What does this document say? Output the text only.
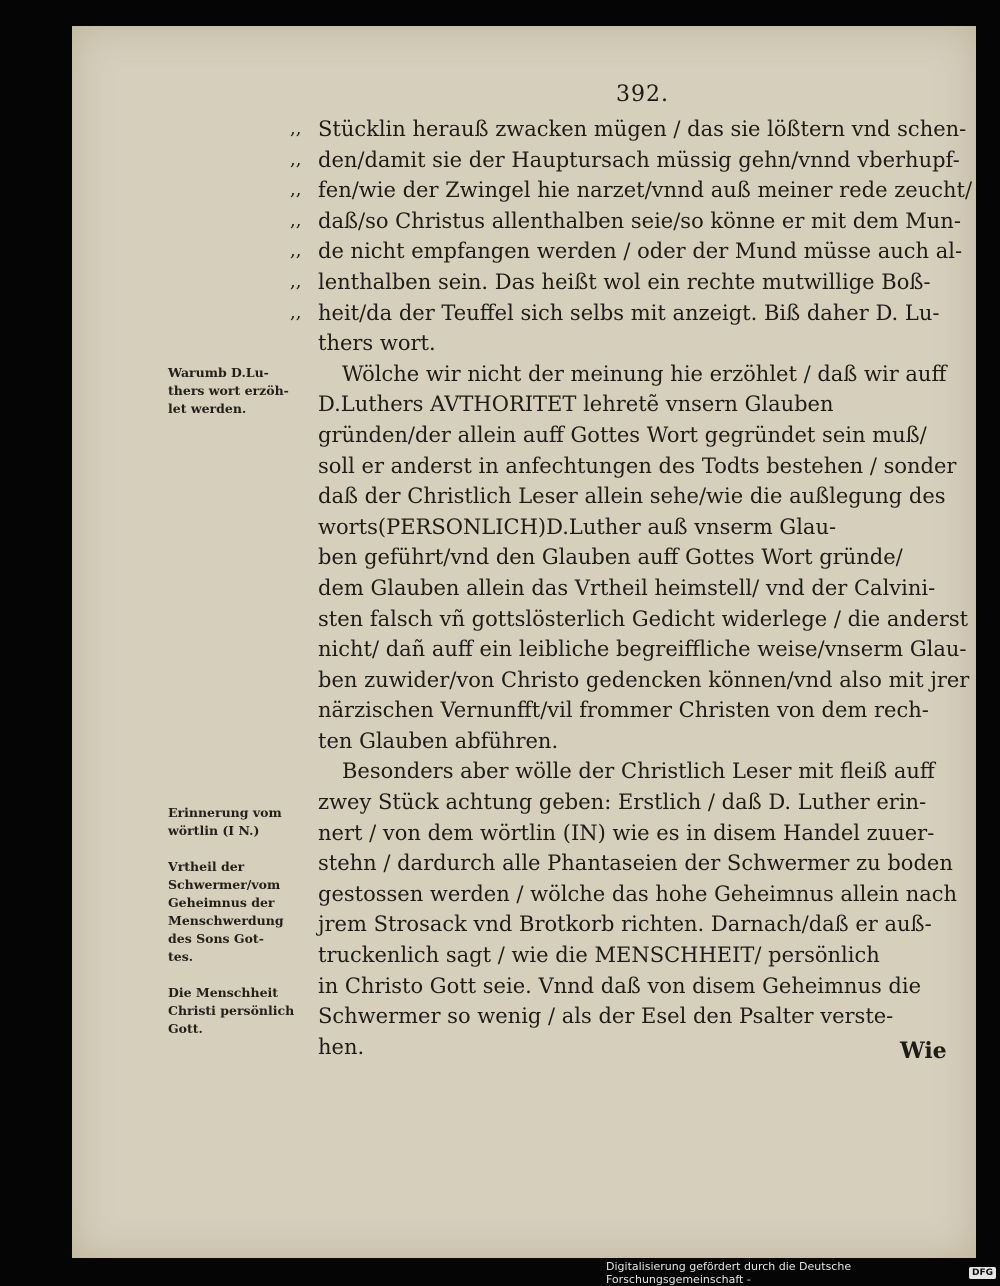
392.
,, Stücklin herauß zwacken mügen / das sie lößtern vnd schen-
,, den/damit sie der Hauptursach müssig gehn/vnnd vberhupf-
,, fen/wie der Zwingel hie narzet/vnnd auß meiner rede zeucht/
,, daß/so Christus allenthalben seie/so könne er mit dem Mun-
,, de nicht empfangen werden / oder der Mund müsse auch al-
,, lenthalben sein. Das heißt wol ein rechte mutwillige Boß-
,, heit/da der Teuffel sich selbs mit anzeigt. Biß daher D. Lu-
thers wort.
Wölche wir nicht der meinung hie erzöhlet / daß wir auff
D.Luthers AVTHORITET lehretẽ vnsern Glauben
gründen/der allein auff Gottes Wort gegründet sein muß/
soll er anderst in anfechtungen des Todts bestehen / sonder
daß der Christlich Leser allein sehe/wie die außlegung des
worts(PERSONLICH)D.Luther auß vnserm Glau-
ben geführt/vnd den Glauben auff Gottes Wort gründe/
dem Glauben allein das Vrtheil heimstell/ vnd der Calvini-
sten falsch vñ gottslösterlich Gedicht widerlege / die anderst
nicht/ dañ auff ein leibliche begreiffliche weise/vnserm Glau-
ben zuwider/von Christo gedencken können/vnd also mit jrer
närzischen Vernunfft/vil frommer Christen von dem rech-
ten Glauben abführen.
Besonders aber wölle der Christlich Leser mit fleiß auff
zwey Stück achtung geben: Erstlich / daß D. Luther erin-
nert / von dem wörtlin (IN) wie es in disem Handel zuuer-
stehn / dardurch alle Phantaseien der Schwermer zu boden
gestossen werden / wölche das hohe Geheimnus allein nach
jrem Strosack vnd Brotkorb richten. Darnach/daß er auß-
truckenlich sagt / wie die MENSCHHEIT/ persönlich
in Christo Gott seie. Vnnd daß von disem Geheimnus die
Schwermer so wenig / als der Esel den Psalter verste-
hen.
Warumb D.Lu-
thers wort erzöh-
let werden.
Erinnerung vom
wörtlin (I N.)
Vrtheil der
Schwermer/vom
Geheimnus der
Menschwerdung
des Sons Got-
tes.
Die Menschheit
Christi persönlich
Gott.
Wie
Digitalisierung gefördert durch die Deutsche Forschungsgemeinschaft -	DFG
